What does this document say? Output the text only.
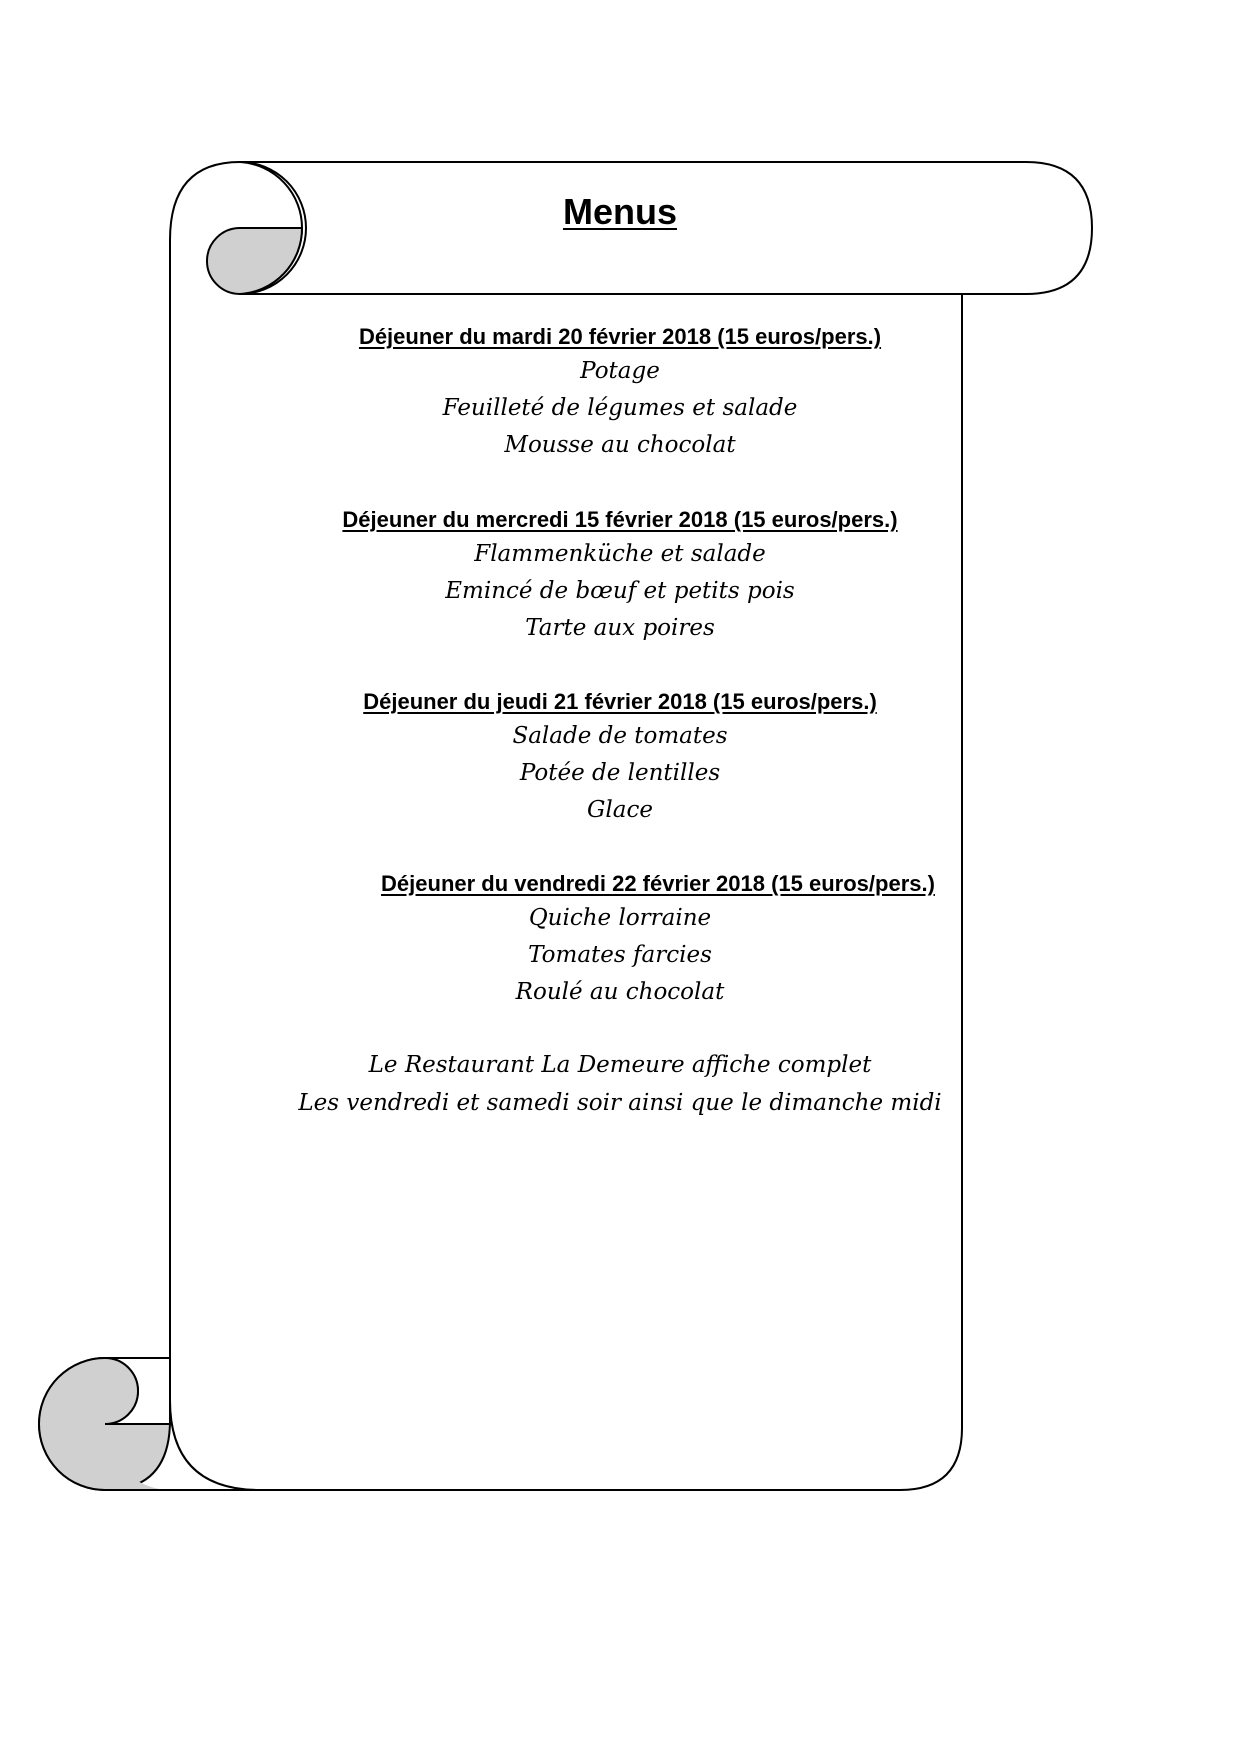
Menus
Déjeuner du mardi 20 février 2018 (15 euros/pers.)
Potage
Feuilleté de légumes et salade
Mousse au chocolat
Déjeuner du mercredi 15 février 2018 (15 euros/pers.)
Flammenküche et salade
Emincé de bœuf et petits pois
Tarte aux poires
Déjeuner du jeudi 21 février 2018 (15 euros/pers.)
Salade de tomates
Potée de lentilles
Glace
Déjeuner du vendredi 22 février 2018 (15 euros/pers.)
Quiche lorraine
Tomates farcies
Roulé au chocolat
Le Restaurant La Demeure affiche complet
Les vendredi et samedi soir ainsi que le dimanche midi
